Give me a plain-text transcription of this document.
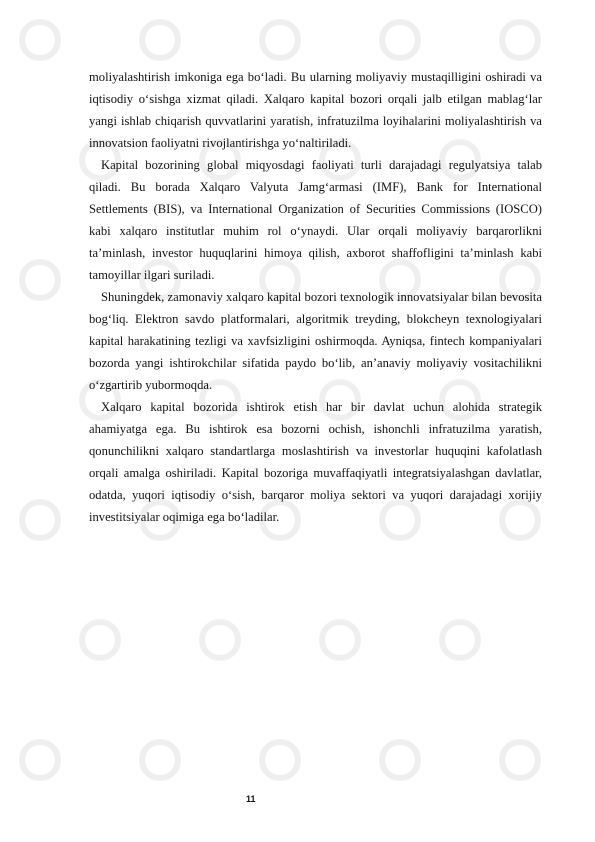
moliyalashtirish imkoniga ega bo‘ladi. Bu ularning moliyaviy mustaqilligini oshiradi va iqtisodiy o‘sishga xizmat qiladi. Xalqaro kapital bozori orqali jalb etilgan mablag‘lar yangi ishlab chiqarish quvvatlarini yaratish, infratuzilma loyihalarini moliyalashtirish va innovatsion faoliyatni rivojlantirishga yo‘naltiriladi.

Kapital bozorining global miqyosdagi faoliyati turli darajadagi regulyatsiya talab qiladi. Bu borada Xalqaro Valyuta Jamg‘armasi (IMF), Bank for International Settlements (BIS), va International Organization of Securities Commissions (IOSCO) kabi xalqaro institutlar muhim rol o‘ynaydi. Ular orqali moliyaviy barqarorlikni ta’minlash, investor huquqlarini himoya qilish, axborot shaffofligini ta’minlash kabi tamoyillar ilgari suriladi.

Shuningdek, zamonaviy xalqaro kapital bozori texnologik innovatsiyalar bilan bevosita bog‘liq. Elektron savdo platformalari, algoritmik treyding, blokcheyn texnologiyalari kapital harakatining tezligi va xavfsizligini oshirmoqda. Ayniqsa, fintech kompaniyalari bozorda yangi ishtirokchilar sifatida paydo bo‘lib, an’anaviy moliyaviy vositachilikni o‘zgartirib yubormoqda.

Xalqaro kapital bozorida ishtirok etish har bir davlat uchun alohida strategik ahamiyatga ega. Bu ishtirok esa bozorni ochish, ishonchli infratuzilma yaratish, qonunchilikni xalqaro standartlarga moslashtirish va investorlar huquqini kafolatlash orqali amalga oshiriladi. Kapital bozoriga muvaffaqiyatli integratsiyalashgan davlatlar, odatda, yuqori iqtisodiy o‘sish, barqaror moliya sektori va yuqori darajadagi xorijiy investitsiyalar oqimiga ega bo‘ladilar.

11
